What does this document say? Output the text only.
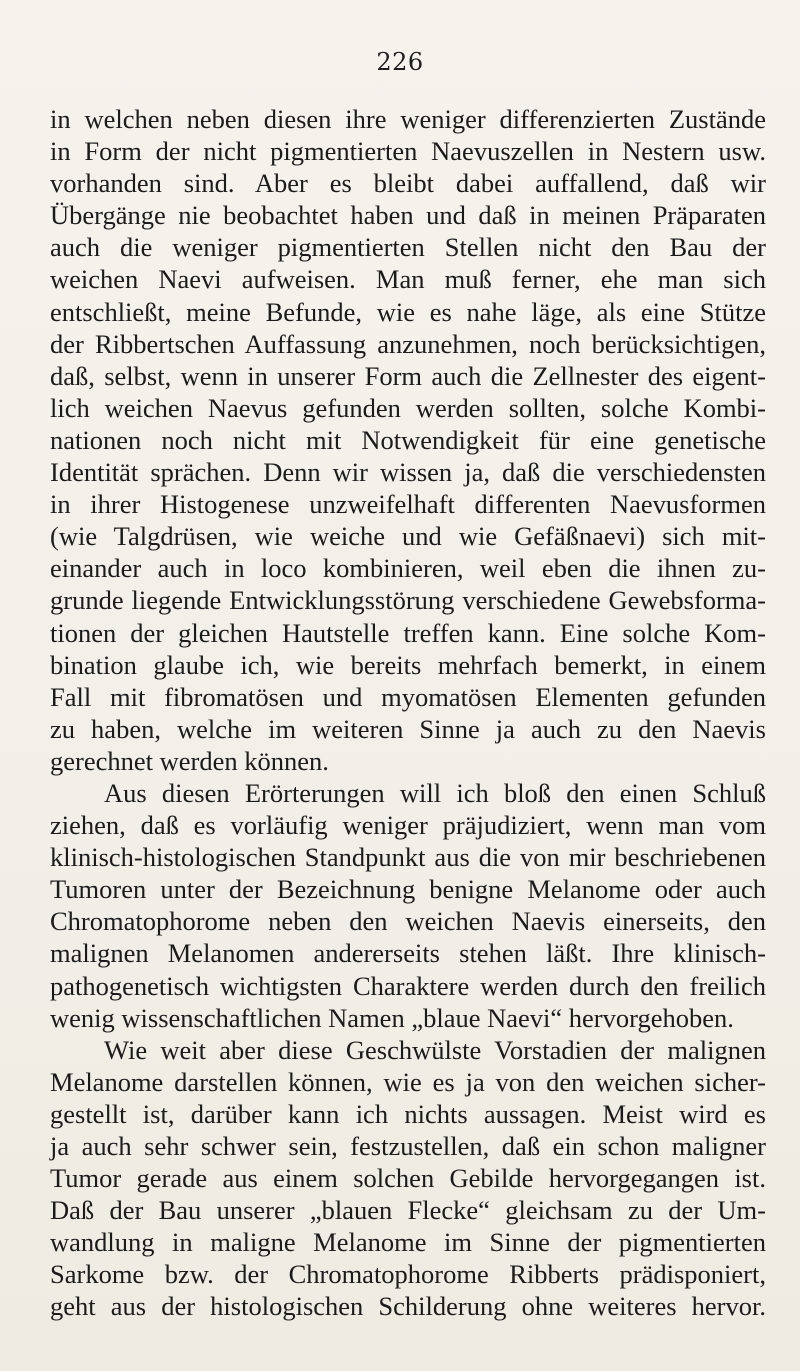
226
in welchen neben diesen ihre weniger differenzierten Zustände
in Form der nicht pigmentierten Naevuszellen in Nestern usw.
vorhanden sind. Aber es bleibt dabei auffallend, daß wir
Übergänge nie beobachtet haben und daß in meinen Präparaten
auch die weniger pigmentierten Stellen nicht den Bau der
weichen Naevi aufweisen. Man muß ferner, ehe man sich
entschließt, meine Befunde, wie es nahe läge, als eine Stütze
der Ribbertschen Auffassung anzunehmen, noch berücksichtigen,
daß, selbst, wenn in unserer Form auch die Zellnester des eigent-
lich weichen Naevus gefunden werden sollten, solche Kombi-
nationen noch nicht mit Notwendigkeit für eine genetische
Identität sprächen. Denn wir wissen ja, daß die verschiedensten
in ihrer Histogenese unzweifelhaft differenten Naevusformen
(wie Talgdrüsen, wie weiche und wie Gefäßnaevi) sich mit-
einander auch in loco kombinieren, weil eben die ihnen zu-
grunde liegende Entwicklungsstörung verschiedene Gewebsforma-
tionen der gleichen Hautstelle treffen kann. Eine solche Kom-
bination glaube ich, wie bereits mehrfach bemerkt, in einem
Fall mit fibromatösen und myomatösen Elementen gefunden
zu haben, welche im weiteren Sinne ja auch zu den Naevis
gerechnet werden können.
Aus diesen Erörterungen will ich bloß den einen Schluß
ziehen, daß es vorläufig weniger präjudiziert, wenn man vom
klinisch-histologischen Standpunkt aus die von mir beschriebenen
Tumoren unter der Bezeichnung benigne Melanome oder auch
Chromatophorome neben den weichen Naevis einerseits, den
malignen Melanomen andererseits stehen läßt. Ihre klinisch-
pathogenetisch wichtigsten Charaktere werden durch den freilich
wenig wissenschaftlichen Namen „blaue Naevi“ hervorgehoben.
Wie weit aber diese Geschwülste Vorstadien der malignen
Melanome darstellen können, wie es ja von den weichen sicher-
gestellt ist, darüber kann ich nichts aussagen. Meist wird es
ja auch sehr schwer sein, festzustellen, daß ein schon maligner
Tumor gerade aus einem solchen Gebilde hervorgegangen ist.
Daß der Bau unserer „blauen Flecke“ gleichsam zu der Um-
wandlung in maligne Melanome im Sinne der pigmentierten
Sarkome bzw. der Chromatophorome Ribberts prädisponiert,
geht aus der histologischen Schilderung ohne weiteres hervor.
